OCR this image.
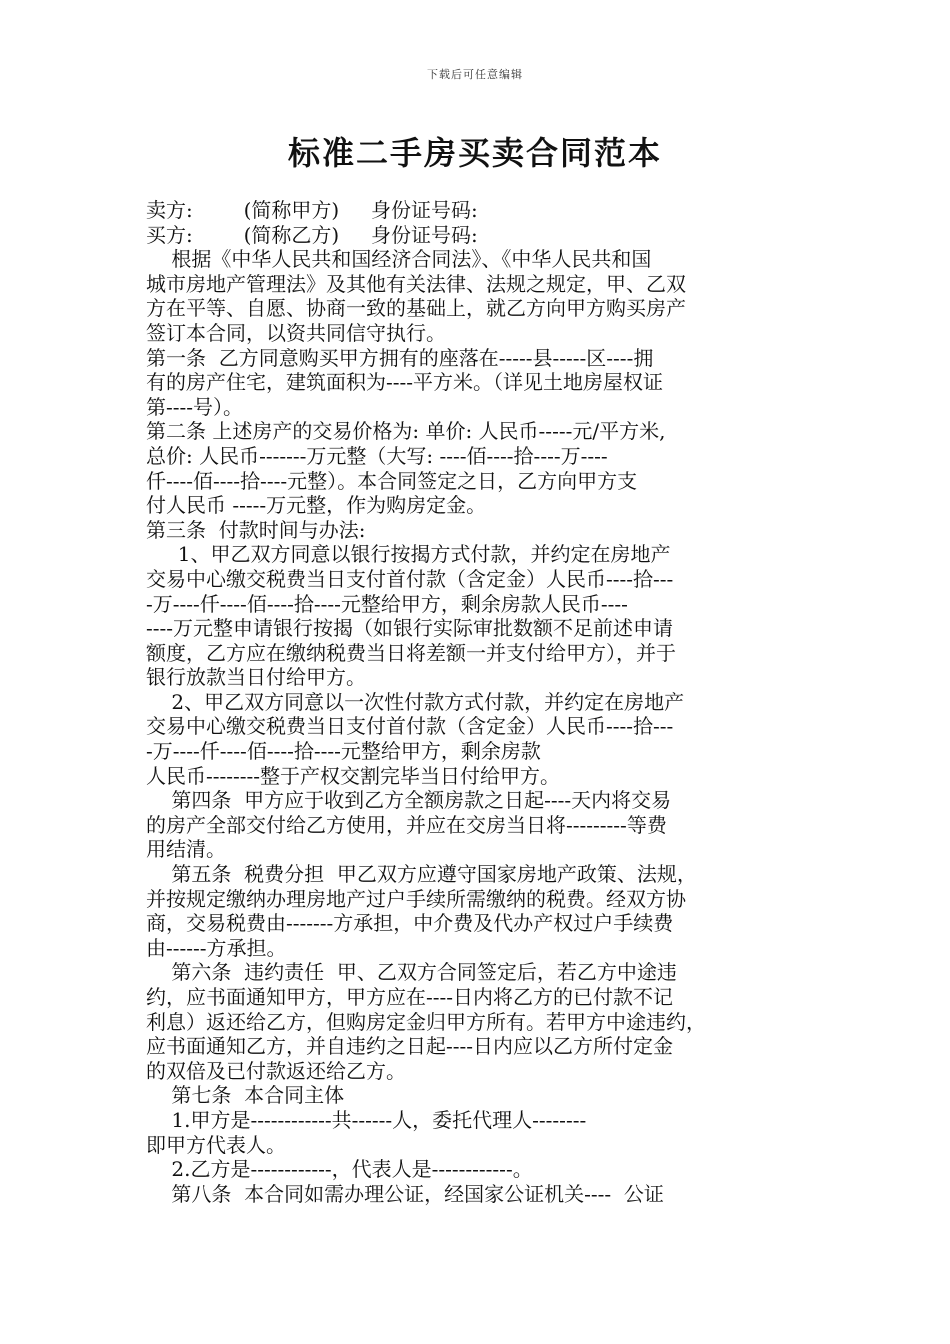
下载后可任意编辑
标准二手房买卖合同范本
卖方:        (简称甲方)     身份证号码:
买方:        (简称乙方)     身份证号码:
根据《中华人民共和国经济合同法》、《中华人民共和国
城市房地产管理法》及其他有关法律、法规之规定，甲、乙双
方在平等、自愿、协商一致的基础上，就乙方向甲方购买房产
签订本合同，以资共同信守执行。
第一条  乙方同意购买甲方拥有的座落在-----县-----区----拥
有的房产住宅，建筑面积为----平方米。（详见土地房屋权证
第----号）。
第二条 上述房产的交易价格为: 单价: 人民币-----元/平方米,
总价: 人民币-------万元整（大写: ----佰----拾----万----
仟----佰----拾----元整）。本合同签定之日，乙方向甲方支
付人民币 -----万元整，作为购房定金。
第三条  付款时间与办法:
1、甲乙双方同意以银行按揭方式付款，并约定在房地产
交易中心缴交税费当日支付首付款（含定金）人民币----拾---
-万----仟----佰----拾----元整给甲方，剩余房款人民币----
----万元整申请银行按揭（如银行实际审批数额不足前述申请
额度，乙方应在缴纳税费当日将差额一并支付给甲方），并于
银行放款当日付给甲方。
2、甲乙双方同意以一次性付款方式付款，并约定在房地产
交易中心缴交税费当日支付首付款（含定金）人民币----拾---
-万----仟----佰----拾----元整给甲方，剩余房款
人民币--------整于产权交割完毕当日付给甲方。
第四条  甲方应于收到乙方全额房款之日起----天内将交易
的房产全部交付给乙方使用，并应在交房当日将---------等费
用结清。
第五条  税费分担  甲乙双方应遵守国家房地产政策、法规，
并按规定缴纳办理房地产过户手续所需缴纳的税费。经双方协
商，交易税费由-------方承担，中介费及代办产权过户手续费
由------方承担。
第六条  违约责任  甲、乙双方合同签定后，若乙方中途违
约，应书面通知甲方，甲方应在----日内将乙方的已付款不记
利息）返还给乙方，但购房定金归甲方所有。若甲方中途违约，
应书面通知乙方，并自违约之日起----日内应以乙方所付定金
的双倍及已付款返还给乙方。
第七条  本合同主体
1.甲方是------------共------人，委托代理人--------
即甲方代表人。
2.乙方是------------，代表人是------------。
第八条  本合同如需办理公证，经国家公证机关----  公证
